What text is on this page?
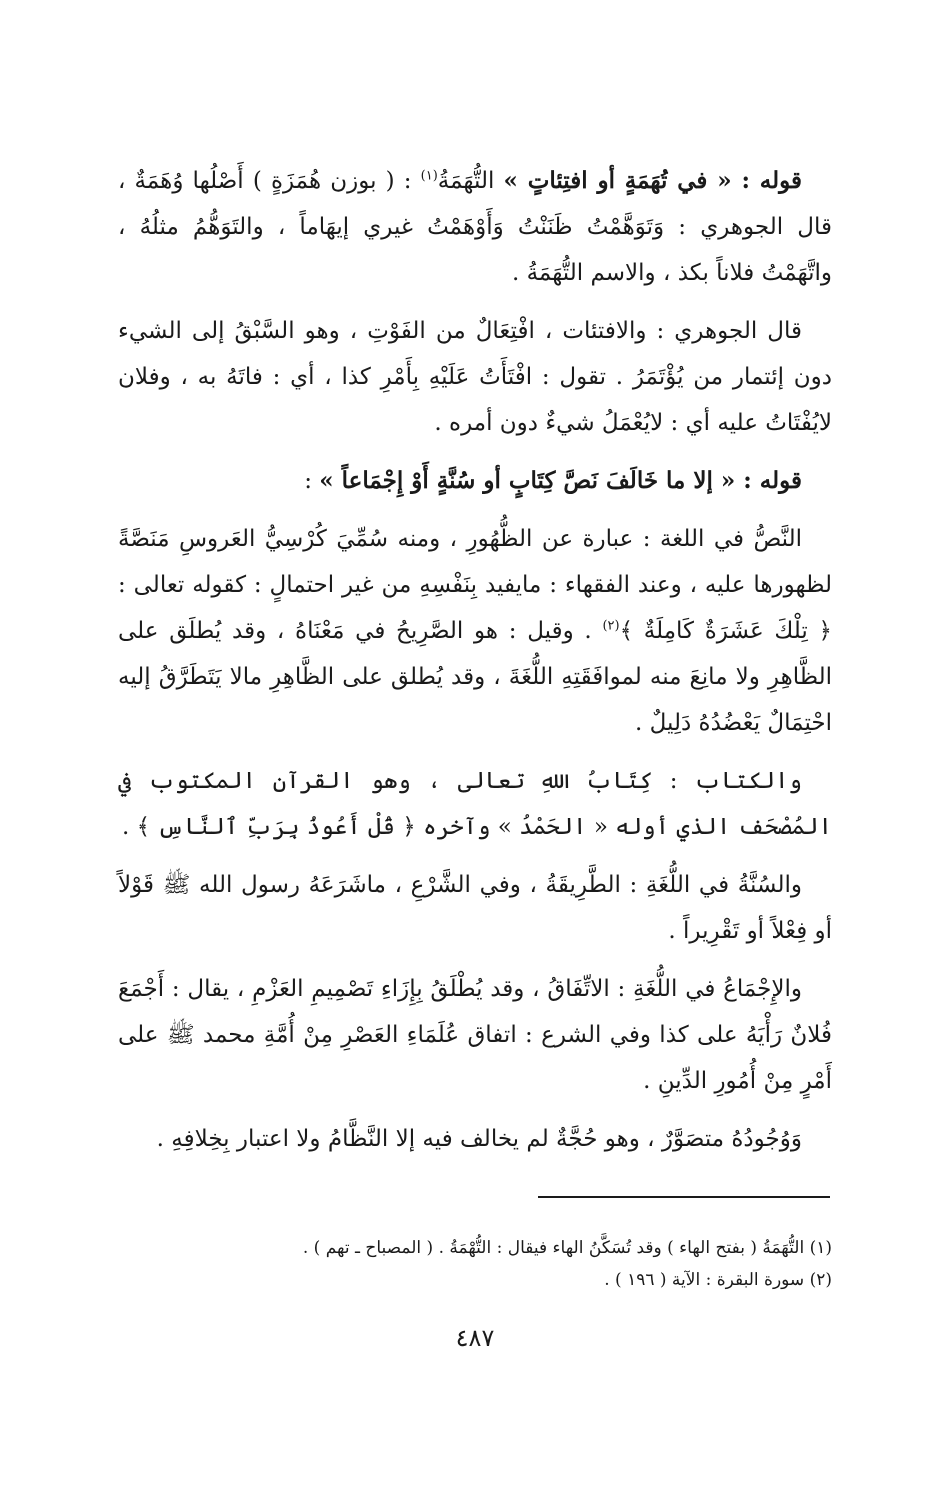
قوله : « في تُهَمَةٍ أو افتِئاتٍ » التُّهَمَةُ$^{(١)}$ : ( بوزن هُمَزَةٍ ) أَصْلُها وُهَمَةٌ ، قال الجوهري : وَتَوَهَّمْتُ ظَنَنْتُ وَأَوْهَمْتُ غيري إيهَاماً ، والتَوَهُّمُ مثلُهُ ، واتَّهَمْتُ فلاناً بكذ ، والاسم التُّهَمَةُ .

قال الجوهري : والافتئات ، افْتِعَالٌ من الفَوْتِ ، وهو السَّبْقُ إلى الشيء دون إئتمار من يُؤْتَمَرُ . تقول : افْتَأَتُ عَلَيْهِ بِأَمْرِ كذا ، أي : فاتَهُ به ، وفلان لايُفْتَاتُ عليه أي : لايُعْمَلُ شيءٌ دون أمره .

قوله : « إلا ما خَالَفَ نَصَّ كِتَابٍ أو سُنَّةٍ أَوْ إِجْمَاعاً » :

النَّصُّ في اللغة : عبارة عن الظُّهُورِ ، ومنه سُمِّيَ كُرْسِيُّ العَروسِ مَنَصَّةً لظهورها عليه ، وعند الفقهاء : مايفيد بِنَفْسِهِ من غير احتمالٍ : كقوله تعالى : ﴿ تِلْكَ عَشَرَةٌ كَامِلَةٌ ﴾$^{(٢)}$ . وقيل : هو الصَّرِيحُ في مَعْنَاهُ ، وقد يُطلَق على الظَّاهِرِ ولا مانِعَ منه لموافَقَتِهِ اللُّغَةَ ، وقد يُطلق على الظَّاهِرِ مالا يَتَطَرَّقُ إليه احْتِمَالٌ يَعْضُدُهُ دَلِيلٌ .

والكتاب : كِتَابُ اللهِ تعالى ، وهو القرآن المكتوب في المُصْحَف الذي أوله « الحَمْدُ » وآخره ﴿ قُلْ أَعُوذُ بِرَبِّ ٱلنَّاسِ ﴾ .

والسُنَّةُ في اللُّغَةِ : الطَّرِيقَةُ ، وفي الشَّرْعِ ، ماشَرَعَهُ رسول الله ﷺ قَوْلاً أو فِعْلاً أو تَقْرِيراً .

والإِجْمَاعُ في اللُّغَةِ : الاتِّفَاقُ ، وقد يُطْلَقُ بِإِزَاءِ تَصْمِيمِ العَزْمِ ، يقال : أَجْمَعَ فُلانٌ رَأْيَهُ على كذا وفي الشرع : اتفاق عُلَمَاءِ العَصْرِ مِنْ أُمَّةِ محمد ﷺ على أَمْرٍ مِنْ أُمُورِ الدِّينِ .

وَوُجُودُهُ متصَوَّرٌ ، وهو حُجَّةٌ لم يخالف فيه إلا النَّظَّامُ ولا اعتبار بِخِلافِهِ .

(١) التُّهَمَةُ ( بفتح الهاء ) وقد تُسَكَّنُ الهاء فيقال : التُّهْمَةُ . ( المصباح ـ تهم ) .

(٢) سورة البقرة : الآية ( ١٩٦ ) .

٤٨٧
